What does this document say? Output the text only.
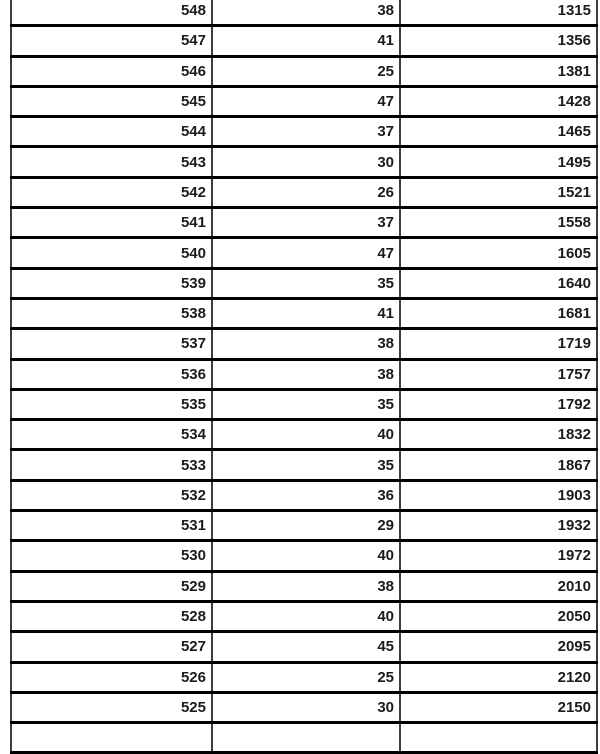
548	38	1315
547	41	1356
546	25	1381
545	47	1428
544	37	1465
543	30	1495
542	26	1521
541	37	1558
540	47	1605
539	35	1640
538	41	1681
537	38	1719
536	38	1757
535	35	1792
534	40	1832
533	35	1867
532	36	1903
531	29	1932
530	40	1972
529	38	2010
528	40	2050
527	45	2095
526	25	2120
525	30	2150
